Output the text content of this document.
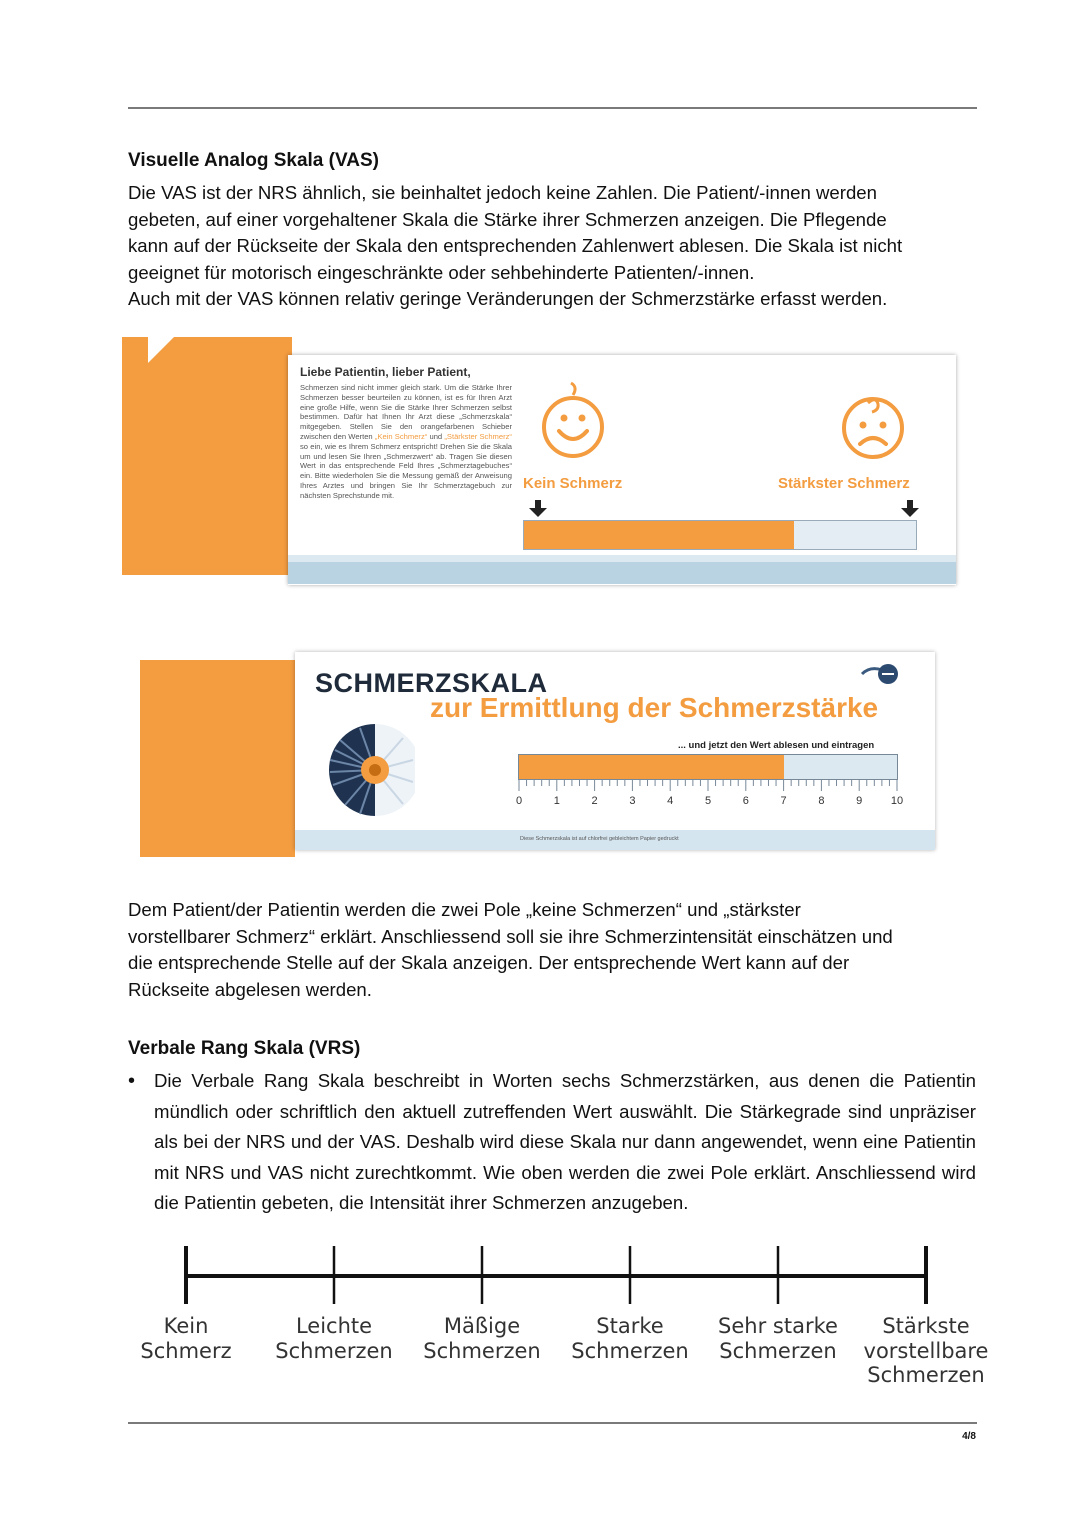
Visuelle Analog Skala (VAS)

Die VAS ist der NRS ähnlich, sie beinhaltet jedoch keine Zahlen. Die Patient/-innen werden

gebeten, auf einer vorgehaltener Skala die Stärke ihrer Schmerzen anzeigen. Die Pflegende

kann auf der Rückseite der Skala den entsprechenden Zahlenwert ablesen. Die Skala ist nicht

geeignet für motorisch eingeschränkte oder sehbehinderte Patienten/-innen.

Auch mit der VAS können relativ geringe Veränderungen der Schmerzstärke erfasst werden.

Liebe Patientin, lieber Patient,
Schmerzen sind nicht immer gleich stark. Um die Stärke Ihrer Schmerzen besser beurteilen zu können, ist es für Ihren Arzt eine große Hilfe, wenn Sie die Stärke Ihrer Schmerzen selbst bestimmen. Dafür hat Ihnen Ihr Arzt diese „Schmerzskala“ mitgegeben. Stellen Sie den orangefarbenen Schieber zwischen den Werten „Kein Schmerz“ und „Stärkster Schmerz“ so ein, wie es Ihrem Schmerz entspricht! Drehen Sie die Skala um und lesen Sie Ihren „Schmerzwert“ ab. Tragen Sie diesen Wert in das entsprechende Feld Ihres „Schmerztagebuches“ ein. Bitte wiederholen Sie die Messung gemäß der Anweisung Ihres Arztes und bringen Sie Ihr Schmerztagebuch zur nächsten Sprechstunde mit.
Kein Schmerz	Stärkster Schmerz
SCHMERZSKALA
zur Ermittlung der Schmerzstärke
... und jetzt den Wert ablesen und eintragen
0	1	2	3	4	5	6	7	8	9	10
Diese Schmerzskala ist auf chlorfrei gebleichtem Papier gedruckt

Dem Patient/der Patientin werden die zwei Pole „keine Schmerzen“ und „stärkster

vorstellbarer Schmerz“ erklärt. Anschliessend soll sie ihre Schmerzintensität einschätzen und

die entsprechende Stelle auf der Skala anzeigen. Der entsprechende Wert kann auf der

Rückseite abgelesen werden.

Verbale Rang Skala (VRS)
• Die Verbale Rang Skala beschreibt in Worten sechs Schmerzstärken, aus denen die Patientin mündlich oder schriftlich den aktuell zutreffenden Wert auswählt. Die Stärkegrade sind unpräziser als bei der NRS und der VAS. Deshalb wird diese Skala nur dann angewendet, wenn eine Patientin mit NRS und VAS nicht zurechtkommt. Wie oben werden die zwei Pole erklärt. Anschliessend wird die Patientin gebeten, die Intensität ihrer Schmerzen anzugeben.
Kein
Schmerz
Leichte
Schmerzen
Mäßige
Schmerzen
Starke
Schmerzen
Sehr starke
Schmerzen
Stärkste
vorstellbare
Schmerzen
4/8
